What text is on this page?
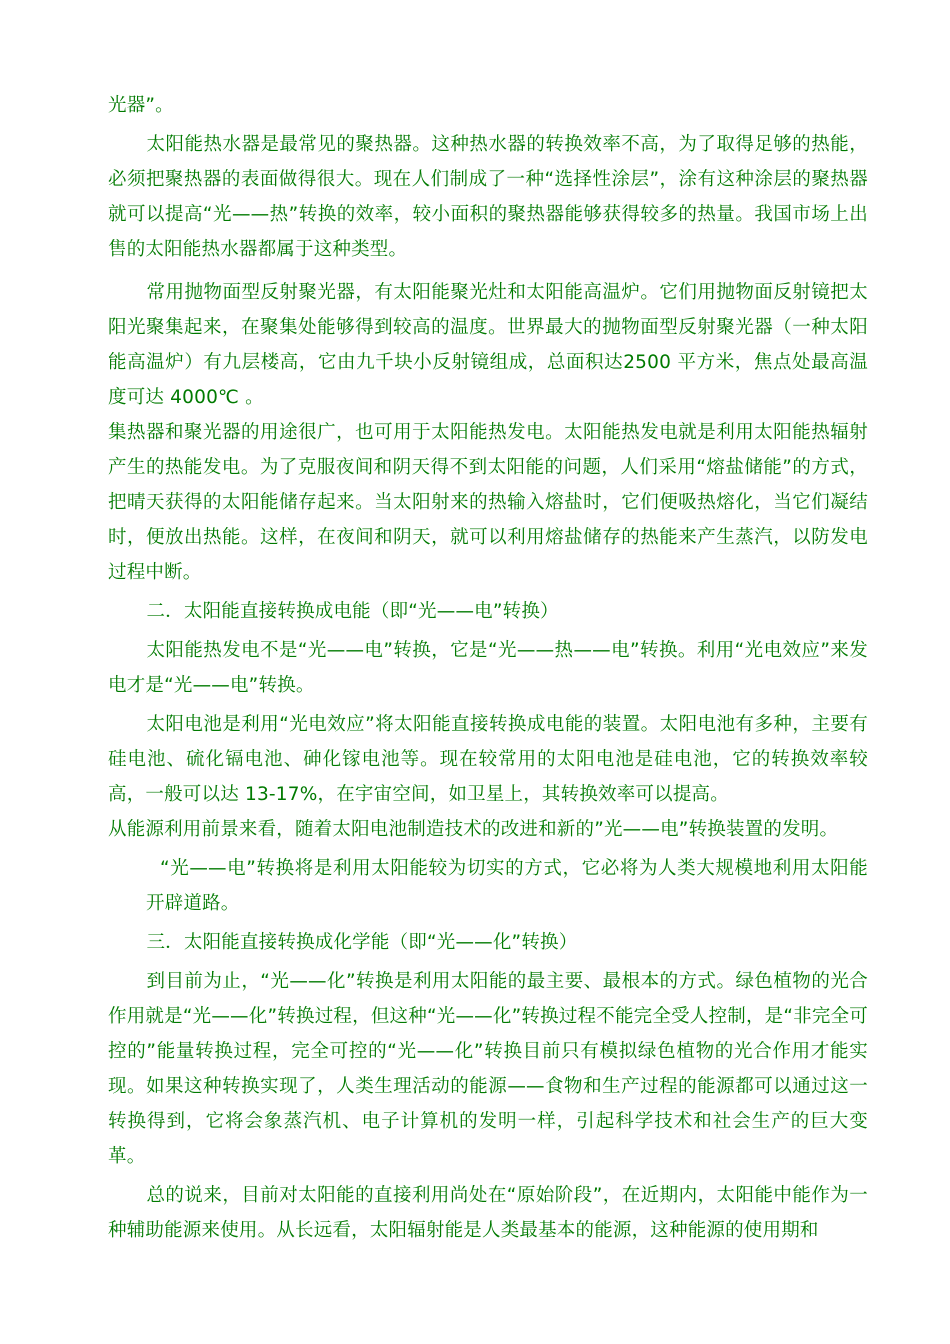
光器”。

太阳能热水器是最常见的聚热器。这种热水器的转换效率不高，为了取得足够的热能，必须把聚热器的表面做得很大。现在人们制成了一种“选择性涂层”，涂有这种涂层的聚热器就可以提高“光——热”转换的效率，较小面积的聚热器能够获得较多的热量。我国市场上出售的太阳能热水器都属于这种类型。

常用抛物面型反射聚光器，有太阳能聚光灶和太阳能高温炉。它们用抛物面反射镜把太阳光聚集起来，在聚集处能够得到较高的温度。世界最大的抛物面型反射聚光器（一种太阳能高温炉）有九层楼高，它由九千块小反射镜组成，总面积达2500 平方米，焦点处最高温度可达 4000℃ 。

集热器和聚光器的用途很广，也可用于太阳能热发电。太阳能热发电就是利用太阳能热辐射产生的热能发电。为了克服夜间和阴天得不到太阳能的问题，人们采用“熔盐储能”的方式，把晴天获得的太阳能储存起来。当太阳射来的热输入熔盐时，它们便吸热熔化，当它们凝结时，便放出热能。这样，在夜间和阴天，就可以利用熔盐储存的热能来产生蒸汽，以防发电过程中断。

二．太阳能直接转换成电能（即“光——电”转换）

太阳能热发电不是“光——电”转换，它是“光——热——电”转换。利用“光电效应”来发电才是“光——电”转换。

太阳电池是利用“光电效应”将太阳能直接转换成电能的装置。太阳电池有多种，主要有硅电池、硫化镉电池、砷化镓电池等。现在较常用的太阳电池是硅电池，它的转换效率较高，一般可以达 13-17%，在宇宙空间，如卫星上，其转换效率可以提高。

从能源利用前景来看，随着太阳电池制造技术的改进和新的”光——电”转换装置的发明。

“光——电”转换将是利用太阳能较为切实的方式，它必将为人类大规模地利用太阳能开辟道路。

三．太阳能直接转换成化学能（即“光——化”转换）

到目前为止，“光——化”转换是利用太阳能的最主要、最根本的方式。绿色植物的光合作用就是“光——化”转换过程，但这种“光——化”转换过程不能完全受人控制，是“非完全可控的”能量转换过程，完全可控的“光——化”转换目前只有模拟绿色植物的光合作用才能实现。如果这种转换实现了，人类生理活动的能源——食物和生产过程的能源都可以通过这一转换得到，它将会象蒸汽机、电子计算机的发明一样，引起科学技术和社会生产的巨大变革。

总的说来，目前对太阳能的直接利用尚处在“原始阶段”，在近期内，太阳能中能作为一种辅助能源来使用。从长远看，太阳辐射能是人类最基本的能源，这种能源的使用期和
